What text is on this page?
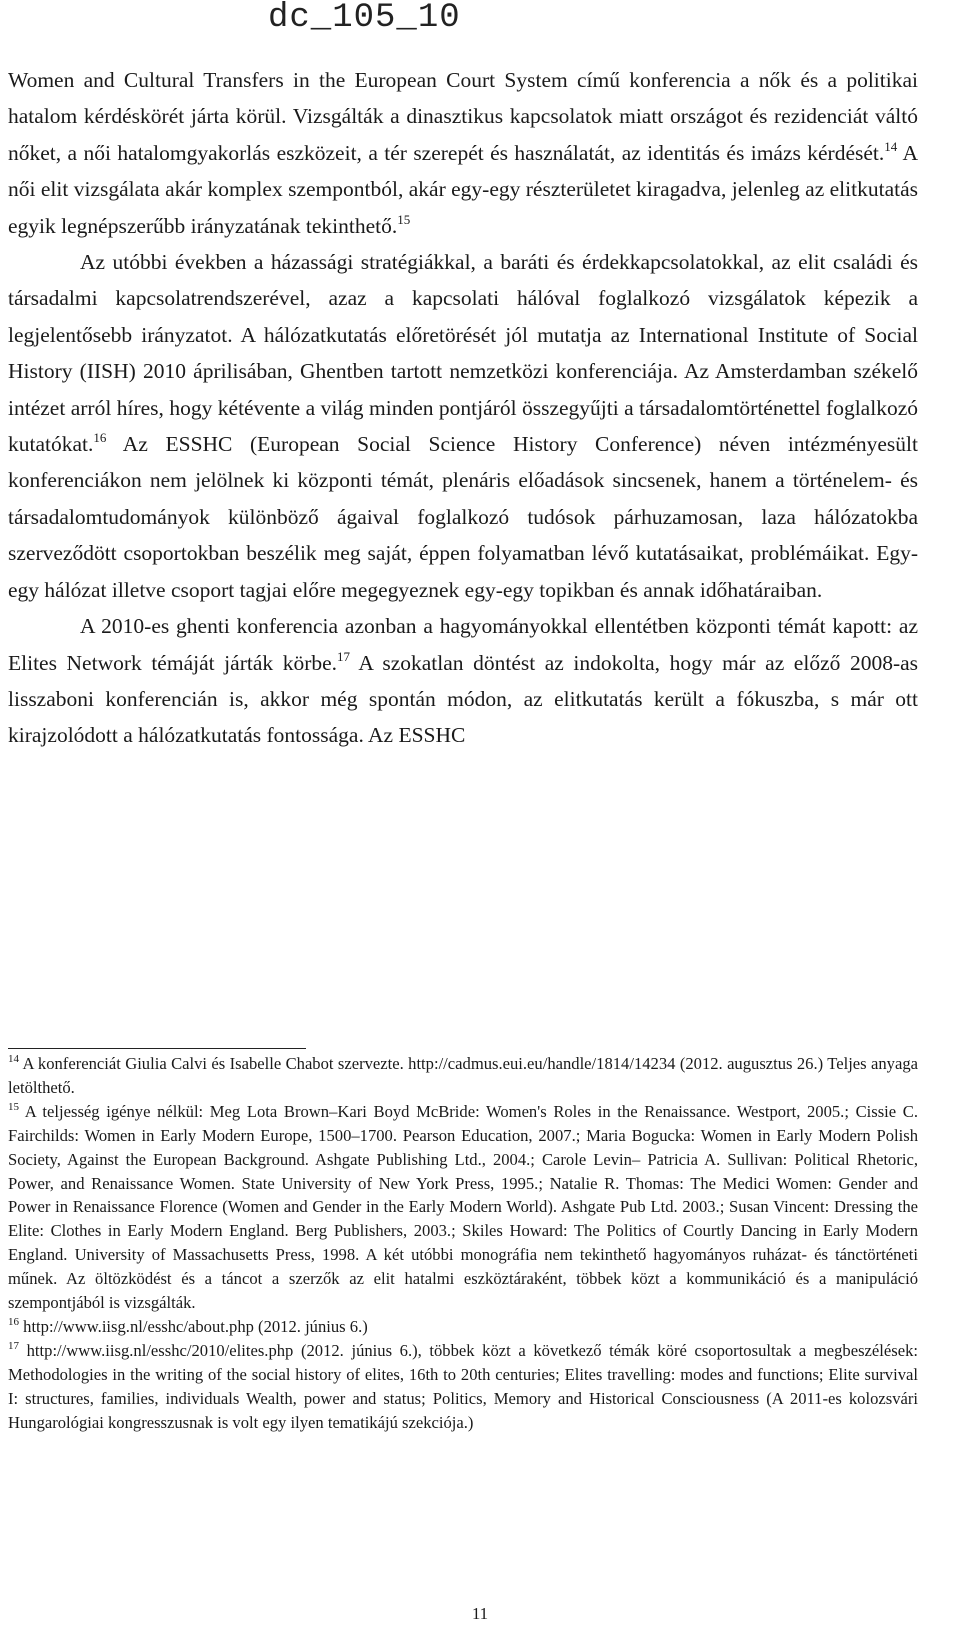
dc_105_10

Women and Cultural Transfers in the European Court System című konferencia a nők és a politikai hatalom kérdéskörét járta körül. Vizsgálták a dinasztikus kapcsolatok miatt országot és rezidenciát váltó nőket, a női hatalomgyakorlás eszközeit, a tér szerepét és használatát, az identitás és imázs kérdését.$^{14}$ A női elit vizsgálata akár komplex szempontból, akár egy-egy részterületet kiragadva, jelenleg az elitkutatás egyik legnépszerűbb irányzatának tekinthető.$^{15}$

Az utóbbi években a házassági stratégiákkal, a baráti és érdekkapcsolatokkal, az elit családi és társadalmi kapcsolatrendszerével, azaz a kapcsolati hálóval foglalkozó vizsgálatok képezik a legjelentősebb irányzatot. A hálózatkutatás előretörését jól mutatja az International Institute of Social History (IISH) 2010 áprilisában, Ghentben tartott nemzetközi konferenciája. Az Amsterdamban székelő intézet arról híres, hogy kétévente a világ minden pontjáról összegyűjti a társadalomtörténettel foglalkozó kutatókat.$^{16}$ Az ESSHC (European Social Science History Conference) néven intézményesült konferenciákon nem jelölnek ki központi témát, plenáris előadások sincsenek, hanem a történelem- és társadalomtudományok különböző ágaival foglalkozó tudósok párhuzamosan, laza hálózatokba szerveződött csoportokban beszélik meg saját, éppen folyamatban lévő kutatásaikat, problémáikat. Egy-egy hálózat illetve csoport tagjai előre megegyeznek egy-egy topikban és annak időhatáraiban.

A 2010-es ghenti konferencia azonban a hagyományokkal ellentétben központi témát kapott: az Elites Network témáját járták körbe.$^{17}$ A szokatlan döntést az indokolta, hogy már az előző 2008-as lisszaboni konferencián is, akkor még spontán módon, az elitkutatás került a fókuszba, s már ott kirajzolódott a hálózatkutatás fontossága. Az ESSHC

$^{14}$ A konferenciát Giulia Calvi és Isabelle Chabot szervezte. http://cadmus.eui.eu/handle/1814/14234 (2012. augusztus 26.) Teljes anyaga letölthető.

$^{15}$ A teljesség igénye nélkül: Meg Lota Brown–Kari Boyd McBride: Women's Roles in the Renaissance. Westport, 2005.; Cissie C. Fairchilds: Women in Early Modern Europe, 1500–1700. Pearson Education, 2007.; Maria Bogucka: Women in Early Modern Polish Society, Against the European Background. Ashgate Publishing Ltd., 2004.; Carole Levin– Patricia A. Sullivan: Political Rhetoric, Power, and Renaissance Women. State University of New York Press, 1995.; Natalie R. Thomas: The Medici Women: Gender and Power in Renaissance Florence (Women and Gender in the Early Modern World). Ashgate Pub Ltd. 2003.; Susan Vincent: Dressing the Elite: Clothes in Early Modern England. Berg Publishers, 2003.; Skiles Howard: The Politics of Courtly Dancing in Early Modern England. University of Massachusetts Press, 1998. A két utóbbi monográfia nem tekinthető hagyományos ruházat- és tánctörténeti műnek. Az öltözködést és a táncot a szerzők az elit hatalmi eszköztáraként, többek közt a kommunikáció és a manipuláció szempontjából is vizsgálták.

$^{16}$ http://www.iisg.nl/esshc/about.php (2012. június 6.)

$^{17}$ http://www.iisg.nl/esshc/2010/elites.php (2012. június 6.), többek közt a következő témák köré csoportosultak a megbeszélések: Methodologies in the writing of the social history of elites, 16th to 20th centuries; Elites travelling: modes and functions; Elite survival I: structures, families, individuals Wealth, power and status; Politics, Memory and Historical Consciousness (A 2011-es kolozsvári Hungarológiai kongresszusnak is volt egy ilyen tematikájú szekciója.)

11
